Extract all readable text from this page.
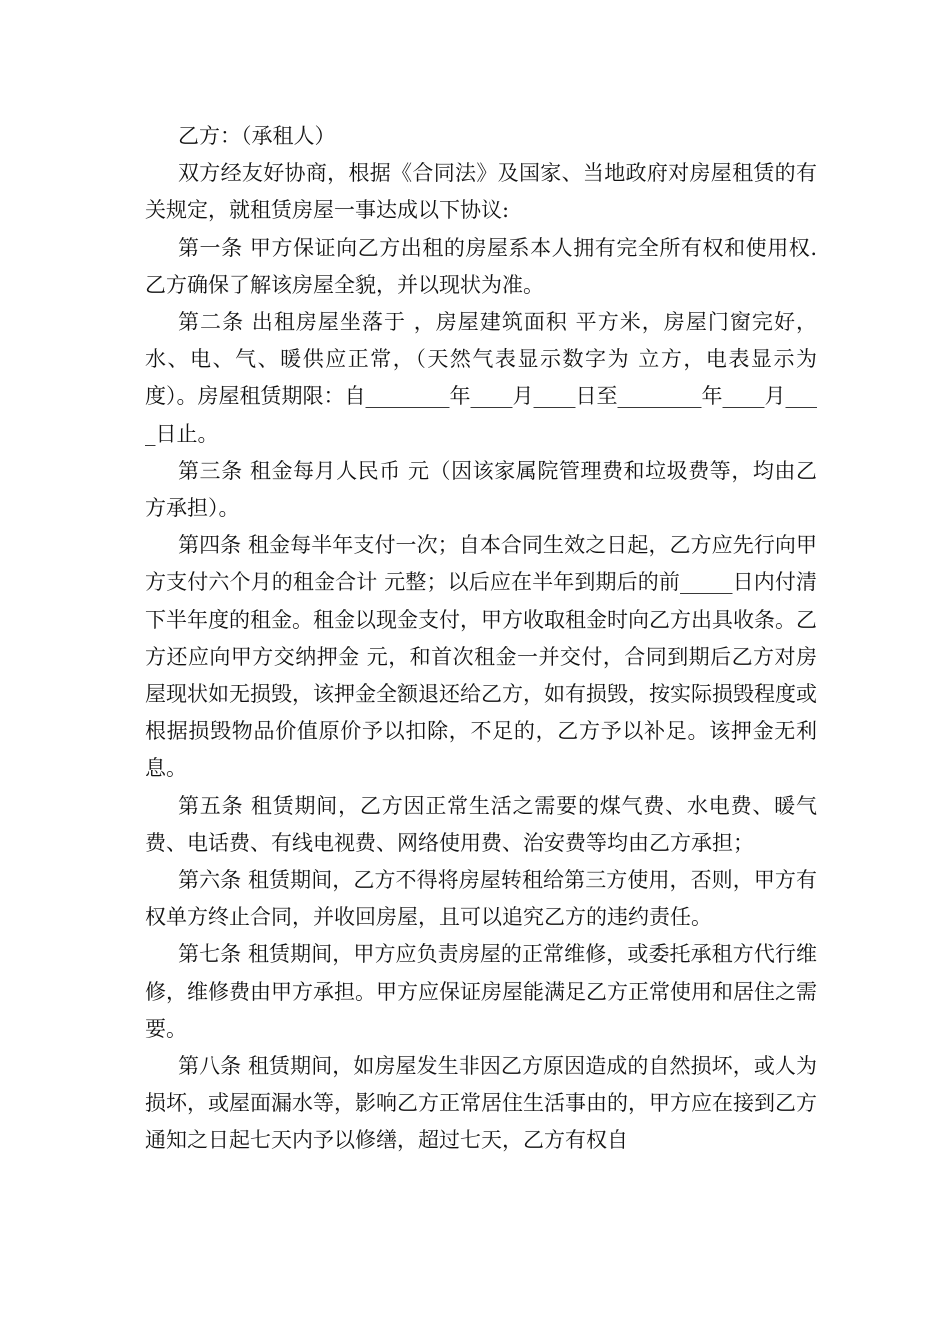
乙方：（承租人）

双方经友好协商，根据《合同法》及国家、当地政府对房屋租赁的有关规定，就租赁房屋一事达成以下协议:

第一条 甲方保证向乙方出租的房屋系本人拥有完全所有权和使用权.乙方确保了解该房屋全貌，并以现状为准。

第二条 出租房屋坐落于 ，房屋建筑面积 平方米，房屋门窗完好，水、电、气、暖供应正常，（天然气表显示数字为 立方，电表显示为 度）。房屋租赁期限：自________年____月____日至________年____月____日止。

第三条 租金每月人民币 元（因该家属院管理费和垃圾费等，均由乙方承担）。

第四条 租金每半年支付一次；自本合同生效之日起，乙方应先行向甲方支付六个月的租金合计 元整；以后应在半年到期后的前_____日内付清下半年度的租金。租金以现金支付，甲方收取租金时向乙方出具收条。乙方还应向甲方交纳押金 元，和首次租金一并交付，合同到期后乙方对房屋现状如无损毁，该押金全额退还给乙方，如有损毁，按实际损毁程度或根据损毁物品价值原价予以扣除，不足的，乙方予以补足。该押金无利息。

第五条 租赁期间，乙方因正常生活之需要的煤气费、水电费、暖气费、电话费、有线电视费、网络使用费、治安费等均由乙方承担；

第六条 租赁期间，乙方不得将房屋转租给第三方使用，否则，甲方有权单方终止合同，并收回房屋，且可以追究乙方的违约责任。

第七条 租赁期间，甲方应负责房屋的正常维修，或委托承租方代行维修，维修费由甲方承担。甲方应保证房屋能满足乙方正常使用和居住之需要。

第八条 租赁期间，如房屋发生非因乙方原因造成的自然损坏，或人为损坏，或屋面漏水等，影响乙方正常居住生活事由的，甲方应在接到乙方通知之日起七天内予以修缮，超过七天，乙方有权自
